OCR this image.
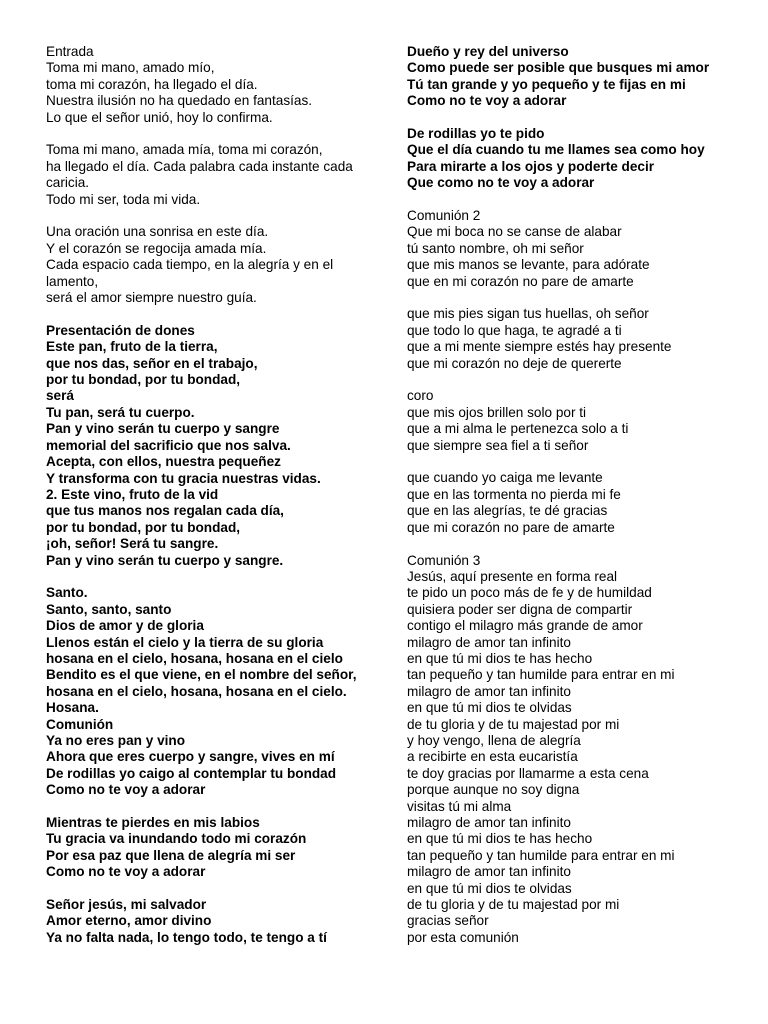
Entrada
Toma mi mano, amado mío,
toma mi corazón, ha llegado el día.
Nuestra ilusión no ha quedado en fantasías.
Lo que el señor unió, hoy lo confirma.
Toma mi mano, amada mía, toma mi corazón,
ha llegado el día. Cada palabra cada instante cada
caricia.
Todo mi ser, toda mi vida.
Una oración una sonrisa en este día.
Y el corazón se regocija amada mía.
Cada espacio cada tiempo, en la alegría y en el
lamento,
será el amor siempre nuestro guía.
Presentación de dones
Este pan, fruto de la tierra,
que nos das, señor en el trabajo,
por tu bondad, por tu bondad,
será
Tu pan, será tu cuerpo.
Pan y vino serán tu cuerpo y sangre
memorial del sacrificio que nos salva.
Acepta, con ellos, nuestra pequeñez
Y transforma con tu gracia nuestras vidas.
2. Este vino, fruto de la vid
que tus manos nos regalan cada día,
por tu bondad, por tu bondad,
¡oh, señor! Será tu sangre.
Pan y vino serán tu cuerpo y sangre.
Santo.
Santo, santo, santo
Dios de amor y de gloria
Llenos están el cielo y la tierra de su gloria
hosana en el cielo, hosana, hosana en el cielo
Bendito es el que viene, en el nombre del señor,
hosana en el cielo, hosana, hosana en el cielo.
Hosana.
Comunión
Ya no eres pan y vino
Ahora que eres cuerpo y sangre, vives en mí
De rodillas yo caigo al contemplar tu bondad
Como no te voy a adorar
Mientras te pierdes en mis labios
Tu gracia va inundando todo mi corazón
Por esa paz que llena de alegría mi ser
Como no te voy a adorar
Señor jesús, mi salvador
Amor eterno, amor divino
Ya no falta nada, lo tengo todo, te tengo a tí
Dueño y rey del universo
Como puede ser posible que busques mi amor
Tú tan grande y yo pequeño y te fijas en mi
Como no te voy a adorar
De rodillas yo te pido
Que el día cuando tu me llames sea como hoy
Para mirarte a los ojos y poderte decir
Que como no te voy a adorar
Comunión 2
Que mi boca no se canse de alabar
tú santo nombre, oh mi señor
que mis manos se levante, para adórate
que en mi corazón no pare de amarte
que mis pies sigan tus huellas, oh señor
que todo lo que haga, te agradé a ti
que a mi mente siempre estés hay presente
que mi corazón no deje de quererte
coro
que mis ojos brillen solo por ti
que a mi alma le pertenezca solo a ti
que siempre sea fiel a ti señor
que cuando yo caiga me levante
que en las tormenta no pierda mi fe
que en las alegrías, te dé gracias
que mi corazón no pare de amarte
Comunión 3
Jesús, aquí presente en forma real
te pido un poco más de fe y de humildad
quisiera poder ser digna de compartir
contigo el milagro más grande de amor
milagro de amor tan infinito
en que tú mi dios te has hecho
tan pequeño y tan humilde para entrar en mi
milagro de amor tan infinito
en que tú mi dios te olvidas
de tu gloria y de tu majestad por mi
y hoy vengo, llena de alegría
a recibirte en esta eucaristía
te doy gracias por llamarme a esta cena
porque aunque no soy digna
visitas tú mi alma
milagro de amor tan infinito
en que tú mi dios te has hecho
tan pequeño y tan humilde para entrar en mi
milagro de amor tan infinito
en que tú mi dios te olvidas
de tu gloria y de tu majestad por mi
gracias señor
por esta comunión
